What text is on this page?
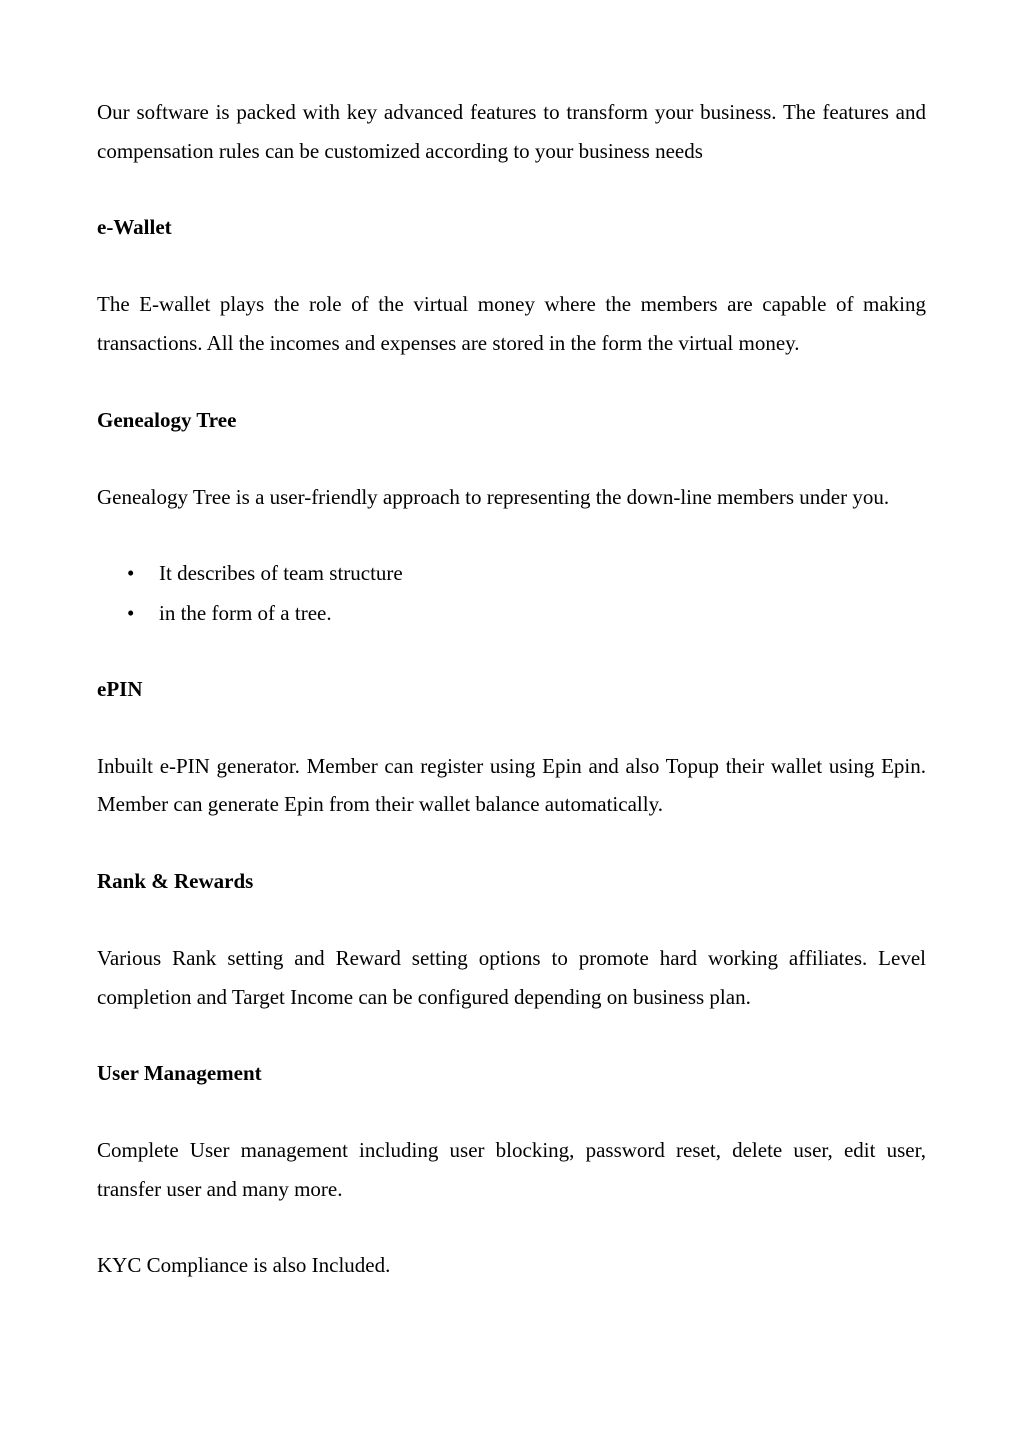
Our software is packed with key advanced features to transform your business. The features and compensation rules can be customized according to your business needs

e-Wallet

The E-wallet plays the role of the virtual money where the members are capable of making transactions. All the incomes and expenses are stored in the form the virtual money.

Genealogy Tree

Genealogy Tree is a user-friendly approach to representing the down-line members under you.

• It describes of team structure
• in the form of a tree.
ePIN

Inbuilt e-PIN generator. Member can register using Epin and also Topup their wallet using Epin. Member can generate Epin from their wallet balance automatically.

Rank & Rewards

Various Rank setting and Reward setting options to promote hard working affiliates. Level completion and Target Income can be configured depending on business plan.

User Management

Complete User management including user blocking, password reset, delete user, edit user, transfer user and many more.

KYC Compliance is also Included.
